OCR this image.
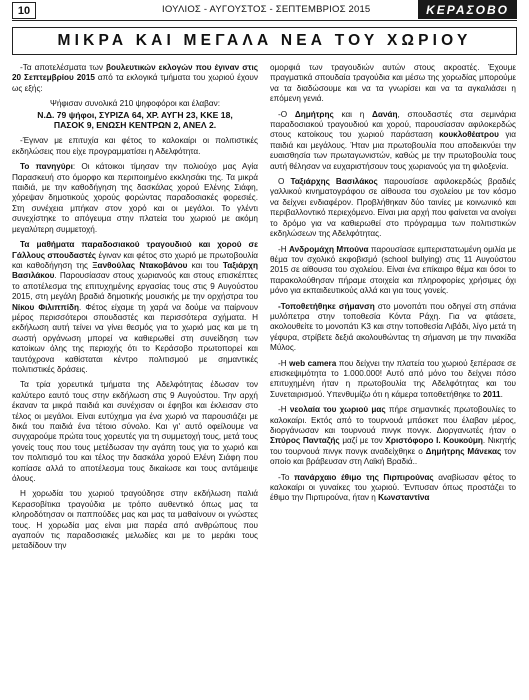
10	ΙΟΥΛΙΟΣ - ΑΥΓΟΥΣΤΟΣ - ΣΕΠΤΕΜΒΡΙΟΣ 2015	ΚΕΡΑΣΟΒΟ
ΜΙΚΡΑ ΚΑΙ ΜΕΓΑΛΑ ΝΕΑ ΤΟΥ ΧΩΡΙΟΥ

-Τα αποτελέσματα των βουλευτικών εκλογών που έγιναν στις 20 Σεπτεμβρίου 2015 από τα εκλογικά τμήματα του χωριού έχουν ως εξής:

Ψήφισαν συνολικά 210 ψηφοφόροι και έλαβαν:
Ν.Δ. 79 ψήφοι, ΣΥΡΙΖΑ 64, ΧΡ. ΑΥΓΗ 23, ΚΚΕ 18,
ΠΑΣΟΚ 9, ΕΝΩΣΗ ΚΕΝΤΡΩΝ 2, ΑΝΕΛ 2.

-Έγιναν με επιτυχία και φέτος το καλοκαίρι οι πολιτιστικές εκδηλώσεις που είχε προγραμματίσει η Αδελφότητα.

Το πανηγύρι: Οι κάτοικοι τίμησαν την πολιούχο μας Αγία Παρασκευή στο όμορφο και περιποιημένο εκκλησάκι της. Τα μικρά παιδιά, με την καθοδήγηση της δασκάλας χορού Ελένης Σιάφη, χόρεψαν δημοτικούς χορούς φορώντας παραδοσιακές φορεσιές. Στη συνέχεια μπήκαν στον χορό και οι μεγάλοι. Το γλέντι συνεχίστηκε το απόγευμα στην πλατεία του χωριού με ακόμη μεγαλύτερη συμμετοχή.

Τα μαθήματα παραδοσιακού τραγουδιού και χορού σε Γάλλους σπουδαστές έγιναν και φέτος στο χωριό με πρωτοβουλία και καθοδήγηση της Ξανθούλας Ντακοβάνου και του Ταξιάρχη Βασιλάκου. Παρουσίασαν στους χωριανούς και στους επισκέπτες το αποτέλεσμα της επιτυχημένης εργασίας τους στις 9 Αυγούστου 2015, στη μεγάλη βραδιά δημοτικής μουσικής με την ορχήστρα του Νίκου Φιλιππίδη. Φέτος είχαμε τη χαρά να δούμε να παίρνουν μέρος περισσότεροι σπουδαστές και περισσότερα σχήματα. Η εκδήλωση αυτή τείνει να γίνει θεσμός για το χωριό μας και με τη σωστή οργάνωση μπορεί να καθιερωθεί στη συνείδηση των κατοίκων όλης της περιοχής ότι το Κεράσοβο πρωτοπορεί και ταυτόχρονα καθίσταται κέντρο πολιτισμού με σημαντικές πολιτιστικές δράσεις.

Τα τρία χορευτικά τμήματα της Αδελφότητας έδωσαν τον καλύτερο εαυτό τους στην εκδήλωση στις 9 Αυγούστου. Την αρχή έκαναν τα μικρά παιδιά και συνέχισαν οι έφηβοι και έκλεισαν στο τέλος οι μεγάλοι. Είναι ευτύχημα για ένα χωριό να παρουσιάζει με δικά του παιδιά ένα τέτοιο σύνολο. Και γι' αυτό οφείλουμε να συγχαρούμε πρώτα τους χορευτές για τη συμμετοχή τους, μετά τους γονείς τους που τους μετέδωσαν την αγάπη τους για το χωριό και τον πολιτισμό του και τέλος την δασκάλα χορού Ελένη Σιάφη που κοπίασε αλλά το αποτέλεσμα τους δικαίωσε και τους αντάμειψε όλους.

Η χορωδία του χωριού τραγούδησε στην εκδήλωση παλιά Κερασοβίτικα τραγούδια με τρόπο αυθεντικό όπως μας τα κληροδότησαν οι παππούδες μας και μας τα μαθαίνουν οι γνώστες τους. Η χορωδία μας είναι μια παρέα από ανθρώπους που αγαπούν τις παραδοσιακές μελωδίες και με το μεράκι τους μεταδίδουν την

ομορφιά των τραγουδιών αυτών στους ακροατές. Έχουμε πραγματικά σπουδαία τραγούδια και μέσω της χορωδίας μπορούμε να τα διαδώσουμε και να τα γνωρίσει και να τα αγκαλιάσει η επόμενη γενιά.

-Ο Δημήτρης και η Δανάη, σπουδαστές στα σεμινάρια παραδοσιακού τραγουδιού και χορού, παρουσίασαν αφιλοκερδώς στους κατοίκους του χωριού παράσταση κουκλοθέατρου για παιδιά και μεγάλους. Ήταν μια πρωτοβουλία που αποδεικνύει την ευαισθησία των πρωταγωνιστών, καθώς με την πρωτοβουλία τους αυτή θέλησαν να ευχαριστήσουν τους χωριανούς για τη φιλοξενία.

Ο Ταξιάρχης Βασιλάκος παρουσίασε αφιλοκερδώς βραδιές γαλλικού κινηματογράφου σε αίθουσα του σχολείου με τον κόσμο να δείχνει ενδιαφέρον. Προβλήθηκαν δύο ταινίες με κοινωνικό και περιβαλλοντικό περιεχόμενο. Είναι μια αρχή που φαίνεται να ανοίγει το δρόμο για να καθιερωθεί στο πρόγραμμα των πολιτιστικών εκδηλώσεων της Αδελφότητας.

-Η Ανδρομάχη Μπούνα παρουσίασε εμπεριστατωμένη ομιλία με θέμα τον σχολικό εκφοβισμό (school bullying) στις 11 Αυγούστου 2015 σε αίθουσα του σχολείου. Είναι ένα επίκαιρο θέμα και όσοι το παρακολούθησαν πήραμε στοιχεία και πληροφορίες χρήσιμες όχι μόνο για εκπαιδευτικούς αλλά και για τους γονείς.

-Τοποθετήθηκε σήμανση στο μονοπάτι που οδηγεί στη σπάνια μυλόπετρα στην τοποθεσία Κόντα Ράχη. Για να φτάσετε, ακολουθείτε το μονοπάτι Κ3 και στην τοποθεσία Λιβάδι, λίγο μετά τη γέφυρα, στρίβετε δεξιά ακολουθώντας τη σήμανση με την πινακίδα Μύλος.

-Η web camera που δείχνει την πλατεία του χωριού ξεπέρασε σε επισκεψιμότητα το 1.000.000! Αυτό από μόνο του δείχνει πόσο επιτυχημένη ήταν η πρωτοβουλία της Αδελφότητας και του Συνεταιρισμού. Υπενθυμίζω ότι η κάμερα τοποθετήθηκε το 2011.

-Η νεολαία του χωριού μας πήρε σημαντικές πρωτοβουλίες το καλοκαίρι. Εκτός από το τουρνουά μπάσκετ που έλαβαν μέρος, διοργάνωσαν και τουρνουά πινγκ πονγκ. Διοργανωτές ήταν ο Σπύρος Πανταζής μαζί με τον Χριστόφορο Ι. Κουκούμη. Νικητής του τουρνουά πινγκ πονγκ αναδείχθηκε ο Δημήτρης Μάνεκας τον οποίο και βράβευσαν στη Λαϊκή Βραδιά..

-Το πανάρχαιο έθιμο της Πιρπιρούνας αναβίωσαν φέτος το καλοκαίρι οι γυναίκες του χωριού. Ένπυσαν όπως προστάζει το έθιμο την Πιρπιρούνα, ήταν η Κωνσταντίνα
